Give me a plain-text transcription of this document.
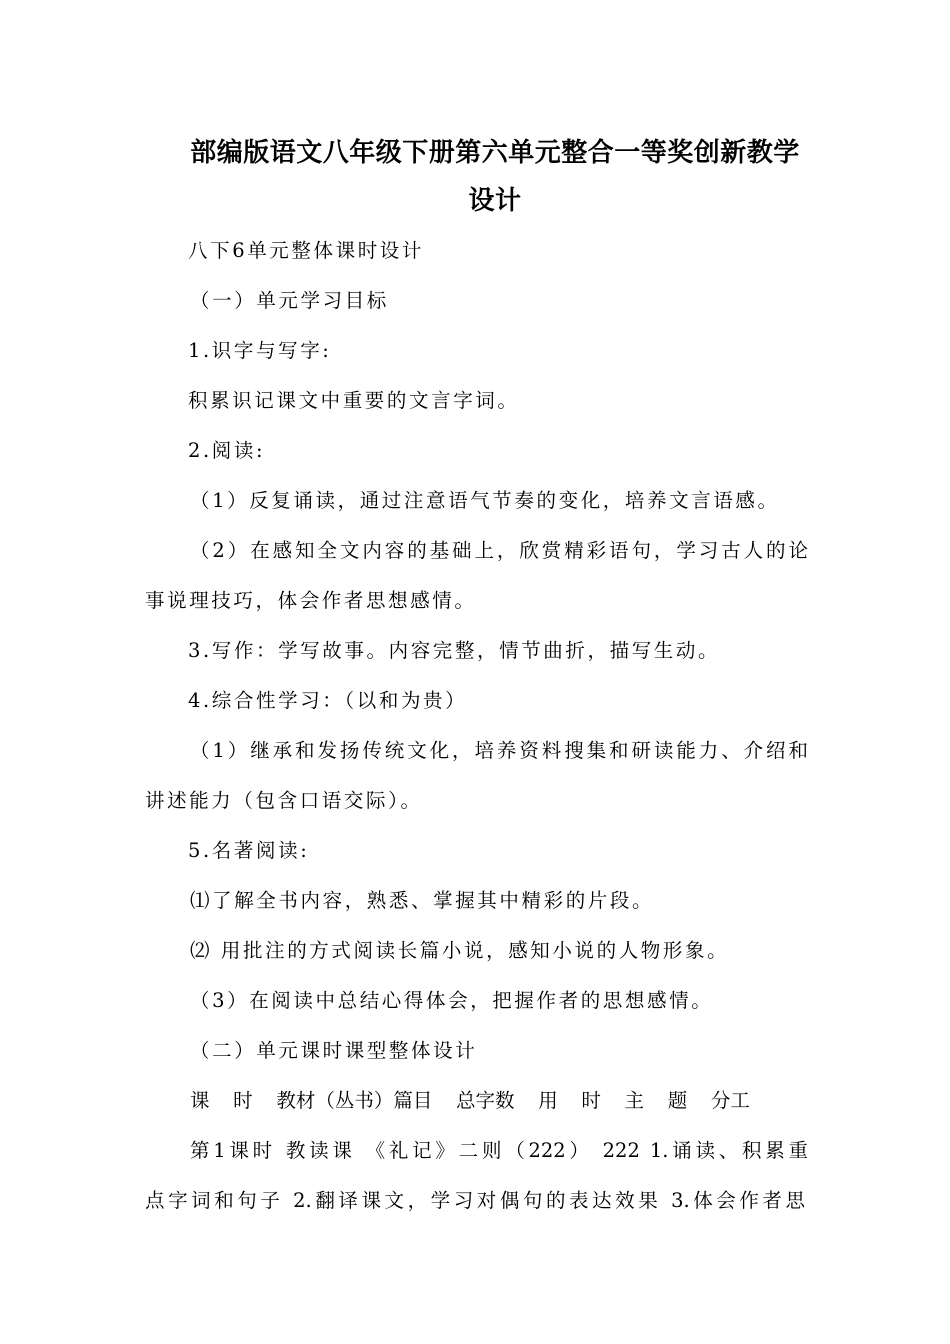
部编版语文八年级下册第六单元整合一等奖创新教学
设计
八下6单元整体课时设计
（一）单元学习目标
1.识字与写字:
积累识记课文中重要的文言字词。
2.阅读:
（1）反复诵读，通过注意语气节奏的变化，培养文言语感。
（2）在感知全文内容的基础上，欣赏精彩语句，学习古人的论
事说理技巧，体会作者思想感情。
3.写作：学写故事。内容完整，情节曲折，描写生动。
4.综合性学习：（以和为贵）
（1）继承和发扬传统文化，培养资料搜集和研读能力、介绍和
讲述能力（包含口语交际）。
5.名著阅读:
⑴了解全书内容，熟悉、掌握其中精彩的片段。
⑵ 用批注的方式阅读长篇小说，感知小说的人物形象。
（3）在阅读中总结心得体会，把握作者的思想感情。
（二）单元课时课型整体设计
课 时 教材（丛书）篇目 总字数 用 时 主 题 分工
第1课时 教读课 《礼记》二则（222） 222 1.诵读、积累重
点字词和句子 2.翻译课文，学习对偶句的表达效果 3.体会作者思
